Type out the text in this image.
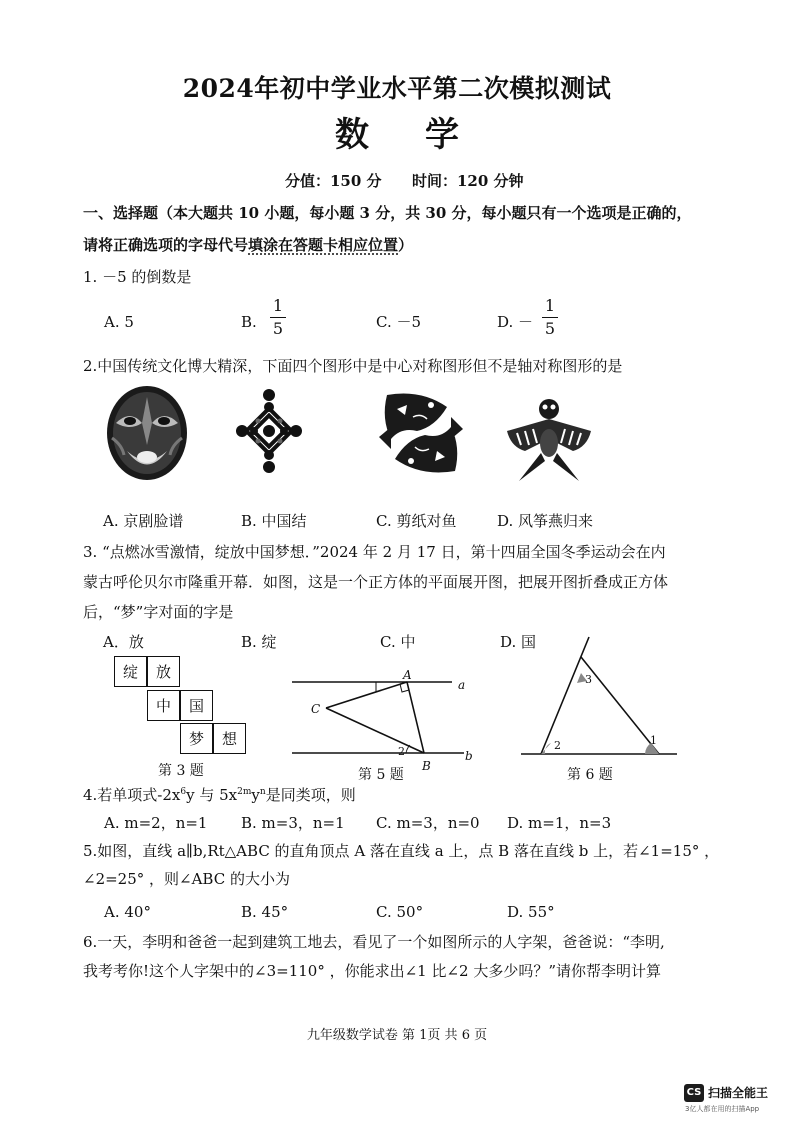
2024年初中学业水平第二次模拟测试
数 学
分值：150 分 时间：120 分钟
一、选择题（本大题共 10 小题，每小题 3 分，共 30 分，每小题只有一个选项是正确的，
请将正确选项的字母代号填涂在答题卡相应位置）
1. －5 的倒数是
A. 5	B.
1
5	C. －5	D. －
1
5
2.中国传统文化博大精深，下面四个图形中是中心对称图形但不是轴对称图形的是
A. 京剧脸谱	B. 中国结	C. 剪纸对鱼	D. 风筝燕归来
3. “点燃冰雪激情，绽放中国梦想．”2024 年 2 月 17 日，第十四届全国冬季运动会在内
蒙古呼伦贝尔市隆重开幕．如图，这是一个正方体的平面展开图，把展开图折叠成正方体
后，“梦”字对面的字是
A．放	B. 绽	C. 中	D. 国
绽	放
中	国
梦	想
第 3 题
A
a
C
2
B
b
第 5 题
3
2	1
第 6 题
4.若单项式$-2x^6y$ 与 $5x^{2m}y^n$是同类项，则
A. m=2，n=1 B. m=3，n=1 C. m=3，n=0 D. m=1，n=3
5.如图，直线 a∥b,Rt△ABC 的直角顶点 A 落在直线 a 上，点 B 落在直线 b 上，若∠1=15° ，
∠2=25° ，则∠ABC 的大小为
A. 40°	B. 45°	C. 50°	D. 55°
6.一天，李明和爸爸一起到建筑工地去，看见了一个如图所示的人字架，爸爸说：“李明,
我考考你!这个人字架中的∠3=110° ，你能求出∠1 比∠2 大多少吗？”请你帮李明计算
九年级数学试卷 第 1页 共 6 页
CS 扫描全能王
3亿人都在用的扫描App
